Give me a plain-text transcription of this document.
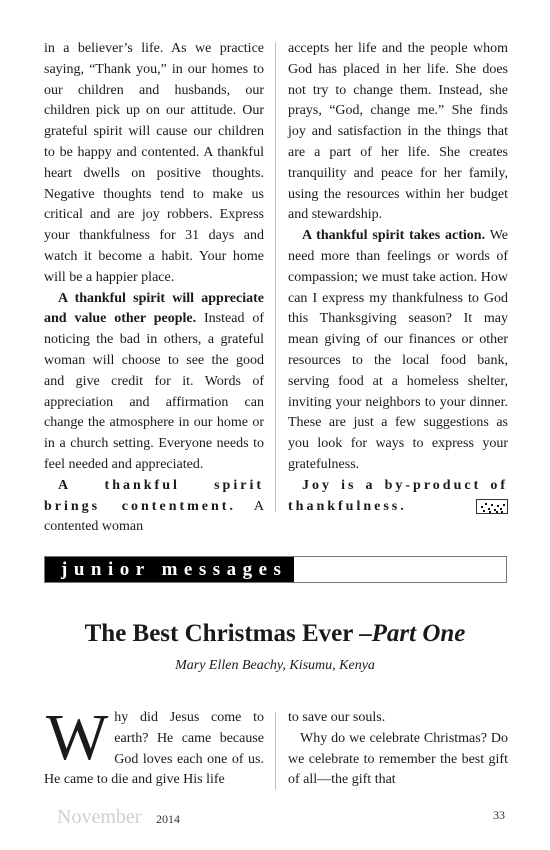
in a believer’s life. As we practice saying, “Thank you,” in our homes to our children and husbands, our children pick up on our attitude. Our grateful spirit will cause our children to be happy and contented. A thankful heart dwells on positive thoughts. Negative thoughts tend to make us critical and are joy robbers. Express your thankfulness for 31 days and watch it become a habit. Your home will be a happier place.

A thankful spirit will appreciate and value other people. Instead of noticing the bad in others, a grateful woman will choose to see the good and give credit for it. Words of appreciation and affirmation can change the atmosphere in our home or in a church setting. Everyone needs to feel needed and appreciated.

A thankful spirit brings contentment. A contented woman

accepts her life and the people whom God has placed in her life. She does not try to change them. Instead, she prays, “God, change me.” She finds joy and satisfaction in the things that are a part of her life. She creates tranquility and peace for her family, using the resources within her budget and stewardship.

A thankful spirit takes action. We need more than feelings or words of compassion; we must take action. How can I express my thankfulness to God this Thanksgiving season? It may mean giving of our finances or other resources to the local food bank, serving food at a homeless shelter, inviting your neighbors to your dinner. These are just a few suggestions as you look for ways to express your gratefulness.

Joy is a by-product of thankfulness.

junior messages
The Best Christmas Ever –Part One
Mary Ellen Beachy, Kisumu, Kenya
Why did Jesus come to earth? He came because God loves each one of us. He came to die and give His life

to save our souls.

Why do we celebrate Christmas? Do we celebrate to remember the best gift of all—the gift that

November 2014	33
